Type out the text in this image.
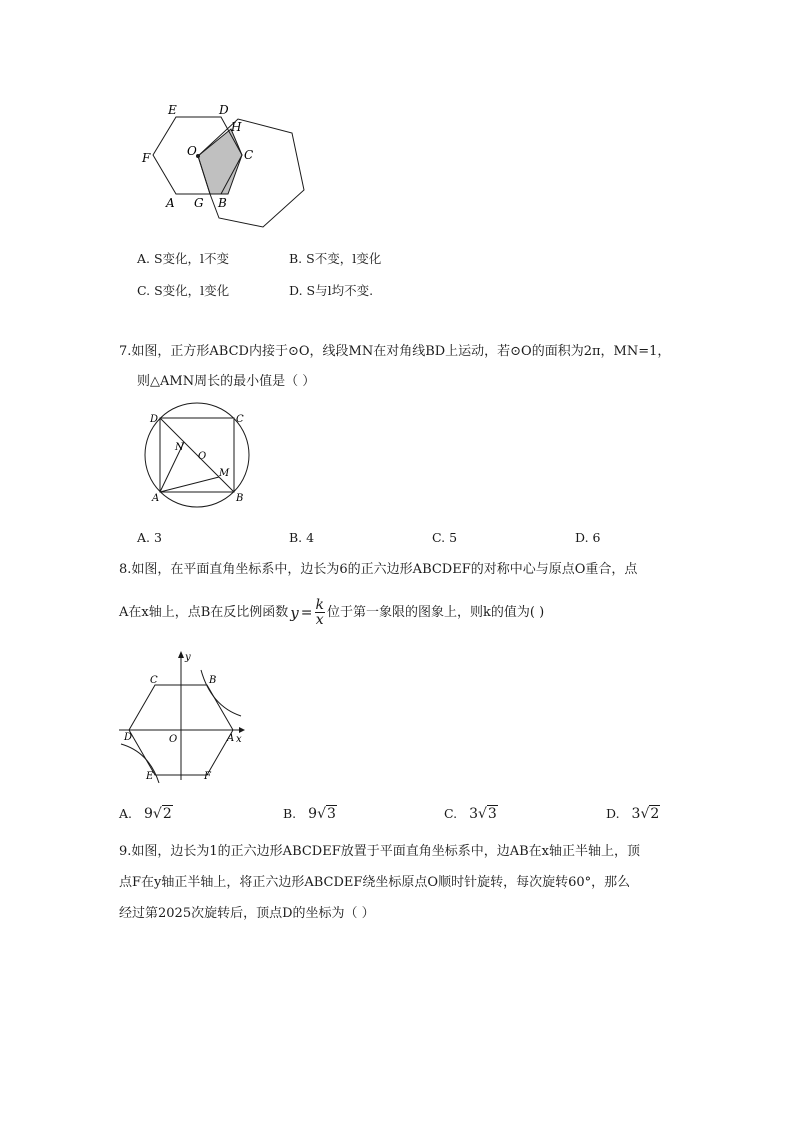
E	D
H
O	C
F
A G B
A. S变化，l不变	B. S不变，l变化
C. S变化，l变化	D. S与l均不变.
7.如图，正方形ABCD内接于⊙O，线段MN在对角线BD上运动，若⊙O的面积为2π，MN=1，
则△AMN周长的最小值是（ ）
D	C
N
O
M
A	B
A. 3	B. 4	C. 5	D. 6
8.如图，在平面直角坐标系中，边长为6的正六边形ABCDEF的对称中心与原点O重合，点
A在x轴上，点B在反比例函数 $y = \frac{k}{x}$ 位于第一象限的图象上，则k的值为( )
y
C	B
D	O	A x
E	F
A. 9√2	B. 9√3	C. 3√3	D. 3√2
9.如图，边长为1的正六边形ABCDEF放置于平面直角坐标系中，边AB在x轴正半轴上，顶
点F在y轴正半轴上，将正六边形ABCDEF绕坐标原点O顺时针旋转，每次旋转60°，那么
经过第2025次旋转后，顶点D的坐标为（ ）
